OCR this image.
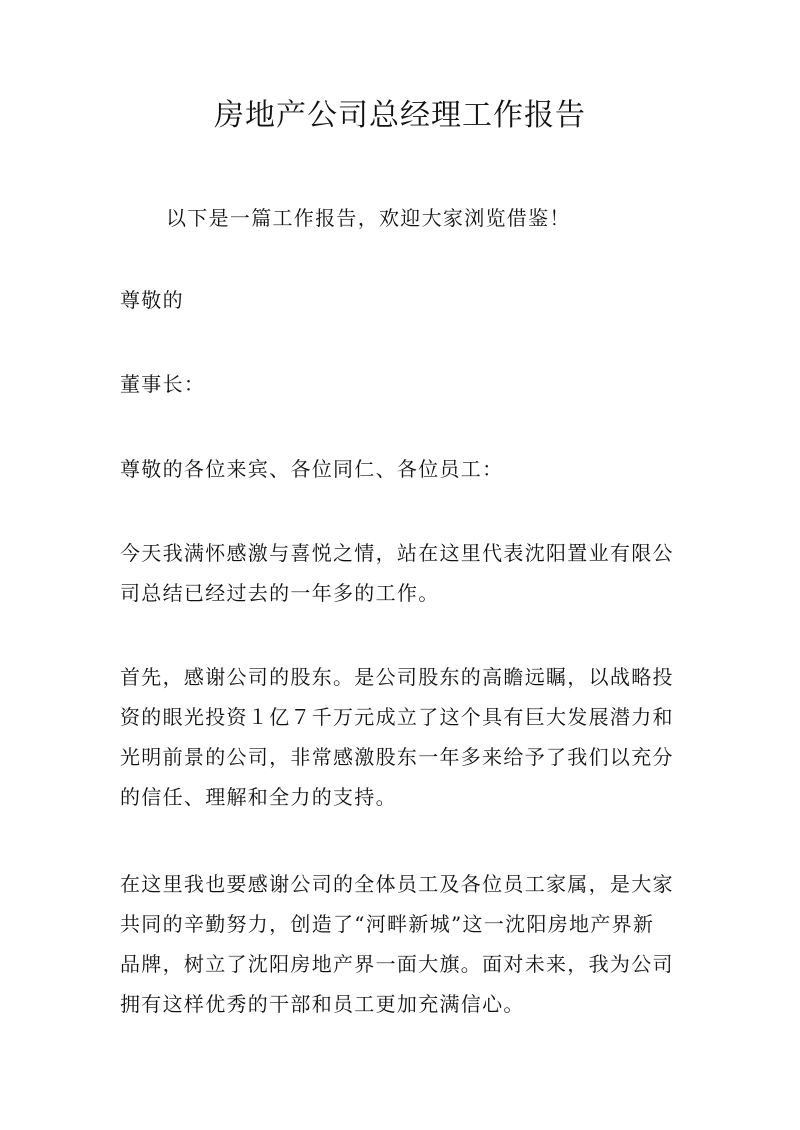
房地产公司总经理工作报告

以下是一篇工作报告，欢迎大家浏览借鉴！

尊敬的

董事长：

尊敬的各位来宾、各位同仁、各位员工：

今天我满怀感激与喜悦之情，站在这里代表沈阳置业有限公
司总结已经过去的一年多的工作。

首先，感谢公司的股东。是公司股东的高瞻远瞩，以战略投
资的眼光投资１亿７千万元成立了这个具有巨大发展潜力和
光明前景的公司，非常感激股东一年多来给予了我们以充分
的信任、理解和全力的支持。

在这里我也要感谢公司的全体员工及各位员工家属，是大家
共同的辛勤努力，创造了“河畔新城”这一沈阳房地产界新
品牌，树立了沈阳房地产界一面大旗。面对未来，我为公司
拥有这样优秀的干部和员工更加充满信心。
